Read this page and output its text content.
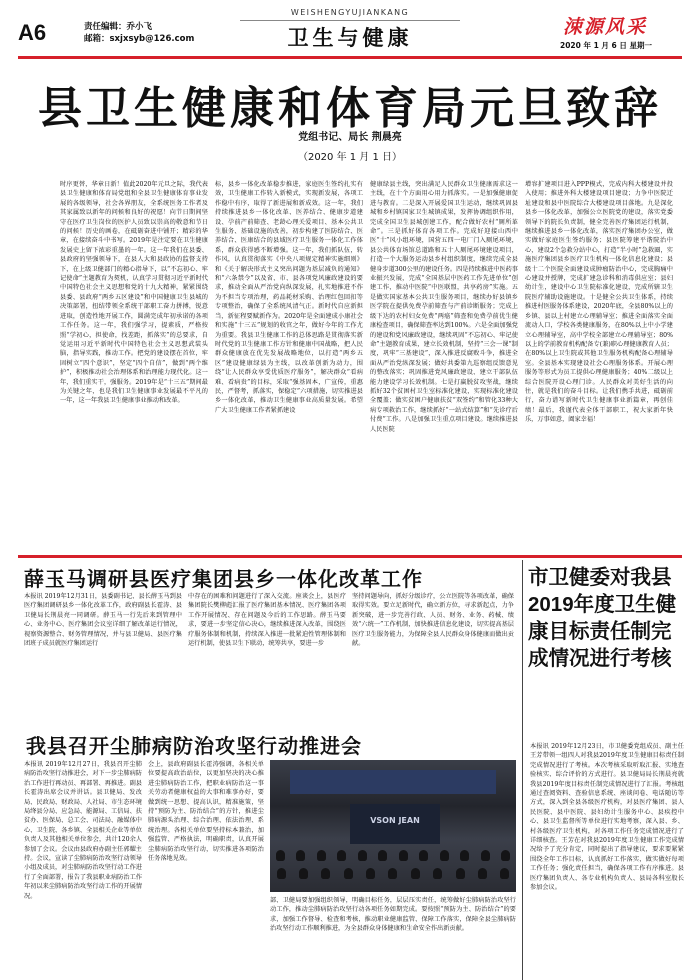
A6	责任编辑：乔小飞
邮箱：sxjxsyb@126.com
WEISHENGYUJIANKANG
卫生与健康	涑源风采
2020 年 1 月 6 日 星期一
县卫生健康和体育局元旦致辞
党组书记、局长 荆晨亮
（2020 年 1 月 1 日）
时序更替，华章日新！值此2020年元旦之际，我代表县卫生健康和体育局党组和全县卫生健康体育事业发展的各级领导，社会各界朋友，全系统医务工作者及其家属致以新年的问候和良好的祝愿！向节日期间坚守在医疗卫生岗位的医护人员致以崇高的敬意和节日的问候！历史的画卷，在砥砺奋进中铺开；精彩的华章，在接续奋斗中书写。2019年是注定要在卫生健康发展史上留下浓彩重墨的一年。这一年我们在县委、县政府的坚强领导下，在县人大和县政协的监督支持下，在上级卫健部门的精心指导下，以“不忘初心、牢记使命”主题教育为契机，认真学习贯彻习近平新时代中国特色社会主义思想和党的十九大精神，紧紧围绕县委、县政府“两乡五区建设”和中国健康卫生县城的决策部署，扭结带领全系统干部职工奋力拼搏，锐意进取，创造性地开展工作，圆满完成年初承诺的各项工作任务。这一年，我们强学习，提素质，严格按照“学初心，担使命，找差距，抓落实”的总要求，自觉运用习近平新时代中国特色社会主义思想武装头脑，指导实践，推动工作。把党的建设摆在首位，牢固树立“四个意识”，坚定“四个自信”，做到“两个维护”，积极推动社会治理体系和治理能力现代化。这一年，我们重实干，强服务。2019年是“十三五”期间最为关键之年，也是我们卫生健康事业发展最不平凡的一年，这一年我县卫生健康事业推动和改革。
标，县乡一体化改革稳步推进，家庭医生签约扎实有效，卫生健康工作转入新模式，实现新发展，各项工作稳中有序，取得了新进展和新成效。这一年，我们持续推进县乡一体化改革、医养结合、健康步道建设、孕前产前筛查、老龄心理关爱项目、基本公共卫生服务、基础设施的改善，初步构建了医防结合、医养结合、医康结合的县域医疗卫生服务一体化工作体系，群众获得感不断增强。这一年，我们抓队伍，转作风，认真贯彻落实《中央八项规定精神实施细则》和《关于解决形式主义突出问题为基层减负的通知》和“六条禁令”以及省、市、县各项党风廉政建设的要求，推动全面从严治党向纵深发展，扎实地推进不作为不担当专项治理，药品耗材采购、治理红包回扣等专项整治，确保了全系统风清气正。新时代自应新担当，新征程要赋新作为。2020年是全面建成小康社会和实施“十三五”规划的收官之年，做好今年的工作尤为重要。我县卫生健康工作的总体思路是贯彻落实新时代党的卫生健康工作方针和健康中国战略，把人民群众健康放在优先发展战略地位，以打造“两乡五区”建设健康绿县为主线，以改革创新为动力，围绕“让人民群众享受优质医疗服务”，解决群众“看病难、看病贵”的目标，采取“强基固本，广宣传，重惠民，严督考，抓落实，保稳定”六项措施，切实推进县乡一体化改革，推动卫生健康事业高质量发展。希望广大卫生健康工作者紧抓建设
健康绿县主线，突出满足人民群众卫生健康需求这一主线，在十个方面用心用力抓落实。一是加强健康促进与教育。二是深入开展爱国卫生运动，继续巩固县城和乡村镇国家卫生城镇成果，发挥协调组织作用，完成全国卫生县城创建工作，配合做好农村“厕所革命”。三是抓好体育各项工作。完成好迎接山西中医“十”风小组环境，国营五四一电厂门入厕尾环境，县公共体育场馆总道路和五十人厕尾环境建设项目，打造一个大服务运动县乡村组织制度，继续完成全县健身步道300公里的建设任务。四是持续推进中医药事业振兴发展，完成“全国基层中医药工作先进单位”创建工作，推动中医院“中医联盟，共享药房”实施。五是做实国家基本公共卫生服务项目，继续办好县镇乡医学院在提供免费孕前筛查与产前诊断服务；完成上级下达的农村妇女免费“两癌”筛查和免费孕前优生健康检查项目，确保筛查率达到100%。六是全面加强党的建设和党风廉政建设，继续巩固“不忘初心、牢记使命”主题教育成果，建立长效机制，坚持“三会一课”制度，巩牢“三基建设”，深入推进反腐败斗争，推进全面从严治党纵深发展；做好共委第九巡察组反馈意见的整改落实；巩固推进党风廉政建设、建立干部队伍能力建设学习长效机制。七是打赢脱贫攻坚战，继续抓好32个贫困村卫生室标准化建设，实现标准化建设全覆盖；做实贫困户健康扶贫“双签约”和管化33种大病专项救治工作，继续抓好“一站式结算”和“先诊疗后付费”工作。八是加强卫生重点项目建设。继续推进县人民医院
增容扩建项目进入PPP模式，完成内科大楼建设并投入使用；推进外科大楼建设项目建设；力争中医院迁址建设和县中医院综合大楼建设项目落地。九是深化县乡一体化改革，加强公立医院党的建设，落实党委领导下的院长负责制，健全完善医疗集团运行机制，继续推进县乡一体化改革，落实医疗集团办公室，做实做好家庭医生签约服务；县医院筹建平谐院治中心，建设2个急救分站中心，打造“半小时”急救圈，实施医疗集团县乡医疗卫生机构一体化信息化建设；县级十二个医院全面建设成肿瘤防治中心，完成胸痛中心建设并授牌，完成扩建急诊科和消毒供应室；县妇幼计生，建设中心卫生院标准化建设，完成所辖卫生院医疗辅助设施建设。十是健全公共卫生体系，持续推进村医服务体系建设，2020年底，全县80%以上的乡镇、县以上村建立心理辅导室；推进全面落实全面流动人口，学校各类健康服务，在80%以上中小学建立心理辅导室，高中学校全部建立心理辅导室；80%以上的学前教育机构配备专(兼)职心理健康教育人员；在80%以上卫生院或其他卫生服务机构配备心理辅导室。全县基本实现建设社会心理服务体系。开展心理服务等形式为员工提供心理健康服务；40%二级以上综合医院开设心理门诊。人民群众对美好生活的向往，就是我们的奋斗目标。让我们携手共进，砥砺前行，奋力谱写新时代卫生健康事业新篇章，再创佳绩！最后，我谨代表全体干部职工，祝大家新年快乐，万事如意，阖家幸福！
薛玉马调研县医疗集团县乡一体化改革工作
本报讯 2019年12月31日，县委副书记、县长薛玉马到县医疗集团调研县乡一体化改革工作，政府副县长霍涛、县卫健局长荆晨亮一同调研。薛玉马一行先后来到管理中心、业务中心、医疗集团会议室详细了解改革运行情况，视察资源整合、财务管理情况，并与县卫健局、县医疗集团班子成员就医疗集团运行
中存在的困难和问题进行了深入交流。座谈会上，县医疗集团院长樊柳彪汇报了医疗集团基本情况、医疗集团各项工作开展情况、存在问题及今后的工作思路。薛玉马要求，要进一步坚定信心决心，继续推进深入改革，围绕医疗服务体制和机制，持续深入推进一批紧迫性管理体制和运行机制，使县卫生下联动，统筹共享，要进一步
坚持问题导向，抓好分级诊疗，公立医院等各项改革，确保取得实效。要立足新时代，确立新方位，寻求新起点，力争新突破，进一步完善行政、人员、财务、业务、药械、绩效“六统一”工作机制，加快推进信息化建设，切实提高基层医疗卫生服务能力，为保障全县人民群众身体健康而做出贡献。
市卫健委对我县2019年度卫生健康目标责任制完成情况进行考核
本报讯 2019年12月23日，市卫健委党组成员、副主任王芳带领一组四人对我县2019年度卫生健康目标责任制完成情况进行了考核。本次考核采取听取汇报、实地查验核实、综合评价的方式进行。县卫健局局长荆晨亮就我县2019年度目标责任制完成情况进行了汇报。考核组通过查阅资料、查验信息系统、座谈问卷、电话随访等方式，深入到全县各级医疗机构，对县医疗集团、县人民医院、县中医院、县妇幼计生服务中心、县疾控中心、县卫生监督所等单位进行实地考察，深入县、乡、村各级医疗卫生机构，对各项工作任务完成情况进行了详细核查。王芳在对我县2019年度卫生健康工作完成情况给予了充分肯定，同时提出了指导建议，要求要紧紧围绕全年工作目标，认真抓好工作落实，做实做好每项工作任务；强化责任担当，确保各项工作有序推进。县医疗集团负责人、各专业机构负责人、县局各科室股长参加会议。
我县召开尘肺病防治攻坚行动推进会
本报讯 2019年12月27日，我县召开尘肺病防治攻坚行动推进会，对下一步尘肺病防治工作进行再动员、再部署、再推进。副县长霍涛出席会议并讲话。县卫健局、发改局、民政局、财政局、人社局、市生态环境局绛县分局、应急局、能源局、工信局、扶贫办、医保局、总工会、司法局、融媒体中心、卫生院、各乡镇、全县相关企业等单位负责人及其他相关单位参会，共计120余人参加了会议。会议由县政府办副主任郭耀主持。会议，宣读了尘肺病防治攻坚行动领导小组及成员，对尘肺病防治攻坚行动工作进行了全面部署，报告了我县职业病防治工作年初以来尘肺病防治攻坚行动工作的开展情况。
会上，县政府副县长霍涛强调，各相关单位要提高政治站位，以更加坚决的决心推进尘肺病防治工作，把职业病防治这一事关劳动者健康权益的大事和难事办好，要做到统一思想、提高认识，精准施策，坚持“预防为主、防治结合”的方针，推进尘肺病源头治理、综合治理、依法治理、系统治理。各相关单位要坚持标本兼治，加强监管、严格执法，明确职责，认真开展尘肺病防治攻坚行动，切实推进各项防治任务落地见效。
VSON JEAN
部、卫健局要加强组织领导，明确目标任务，层层压实责任，统筹做好尘肺病防治攻坚行动工作，推动尘肺病防治攻坚行动各项任务如期完成。要按照“预防为主、防治结合”的要求，加强工作督导、检查和考核，推动职业健康监管、保障工作落实，保障全县尘肺病防治攻坚行动工作顺利推进，为全县群众身体健康和生命安全作出新贡献。
